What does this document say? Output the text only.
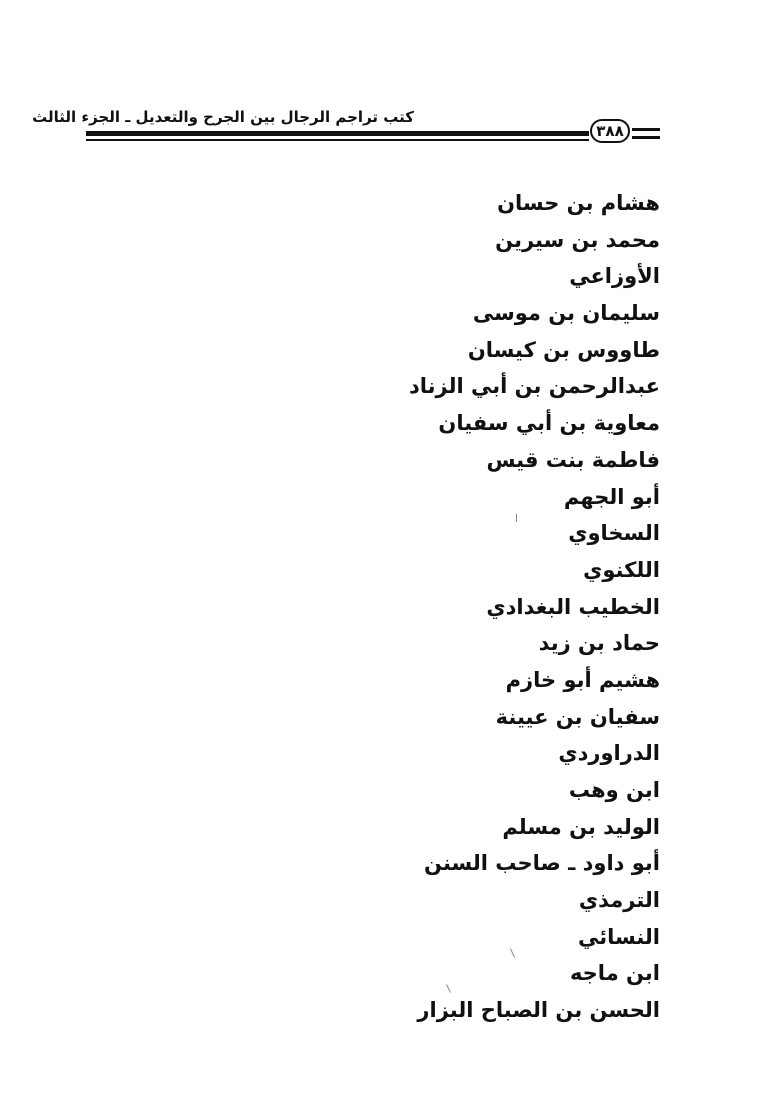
كتب تراجم الرجال بين الجرح والتعديل ـ الجزء الثالث
٣٨٨
هشام بن حسان
محمد بن سيرين
الأوزاعي
سليمان بن موسى
طاووس بن كيسان
عبدالرحمن بن أبي الزناد
معاوية بن أبي سفيان
فاطمة بنت قيس
أبو الجهم
السخاوي
اللكنوي
الخطيب البغدادي
حماد بن زيد
هشيم أبو خازم
سفيان بن عيينة
الدراوردي
ابن وهب
الوليد بن مسلم
أبو داود ـ صاحب السنن
الترمذي
النسائي
ابن ماجه
الحسن بن الصباح البزار
